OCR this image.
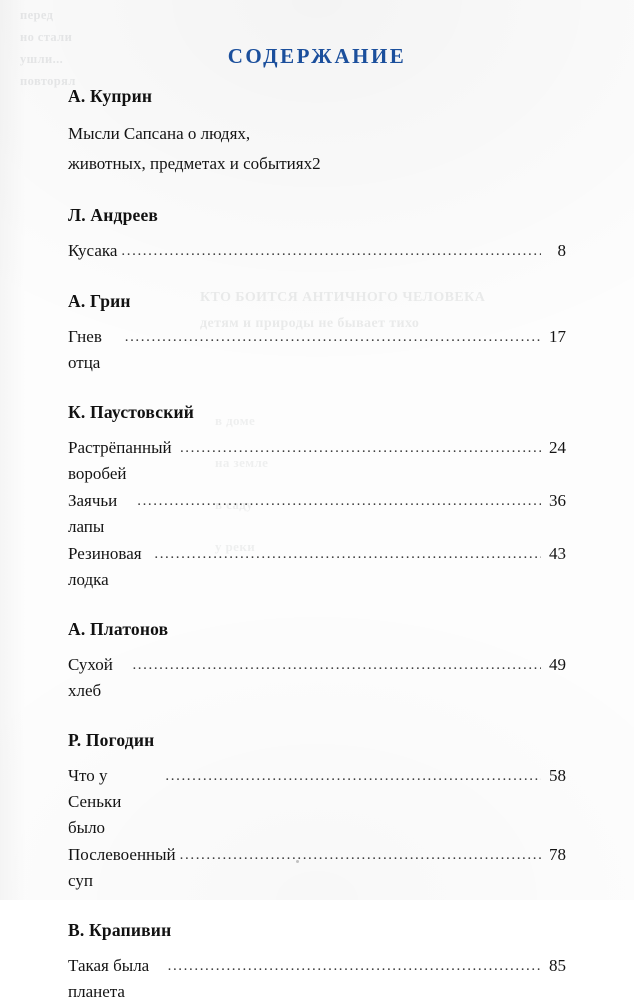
СОДЕРЖАНИЕ
А. Куприн
Мысли Сапсана о людях,
животных, предметах и событиях 2
Л. Андреев
Кусака .....	8
А. Грин
Гнев отца
.....
17
К. Паустовский
Растрёпанный воробей
.....
24
Заячьи лапы
.....
36
Резиновая лодка
.....
43
А. Платонов
Сухой хлеб
.....
49
Р. Погодин
Что у Сеньки было
.....
58
Послевоенный суп
.....
78
В. Крапивин
Такая была планета
.....
85
